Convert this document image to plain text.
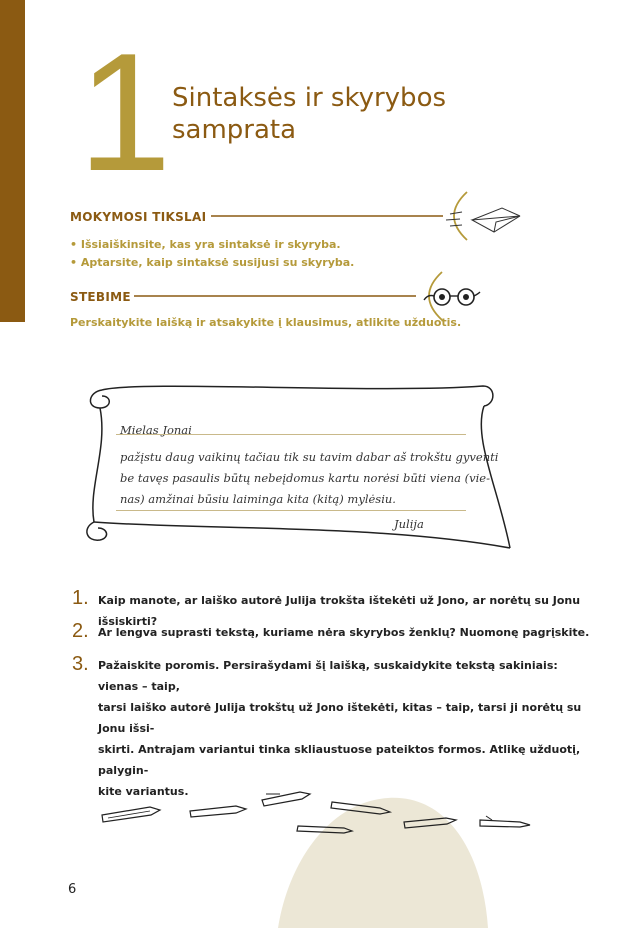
1 Sintaksės ir skyrybos
samprata
MOKYMOSI TIKSLAI
• Išsiaiškinsite, kas yra sintaksė ir skyryba.
• Aptarsite, kaip sintaksė susijusi su skyryba.
STEBIME
Perskaitykite laišką ir atsakykite į klausimus, atlikite užduotis.
Mielas Jonai
pažįstu daug vaikinų tačiau tik su tavim dabar aš trokštu gyventi
be tavęs pasaulis būtų nebeįdomus kartu norėsi būti viena (vie-
nas) amžinai būsiu laiminga kita (kitą) mylėsiu.
Julija
1. Kaip manote, ar laiško autorė Julija trokšta ištekėti už Jono, ar norėtų su Jonu išsiskirti?
2. Ar lengva suprasti tekstą, kuriame nėra skyrybos ženklų? Nuomonę pagrįskite.
3. Pažaiskite poromis. Persirašydami šį laišką, suskaidykite tekstą sakiniais: vienas – taip,
tarsi laiško autorė Julija trokštų už Jono ištekėti, kitas – taip, tarsi ji norėtų su Jonu išsi-
skirti. Antrajam variantui tinka skliaustuose pateiktos formos. Atlikę užduotį, palygin-
kite variantus.
6
